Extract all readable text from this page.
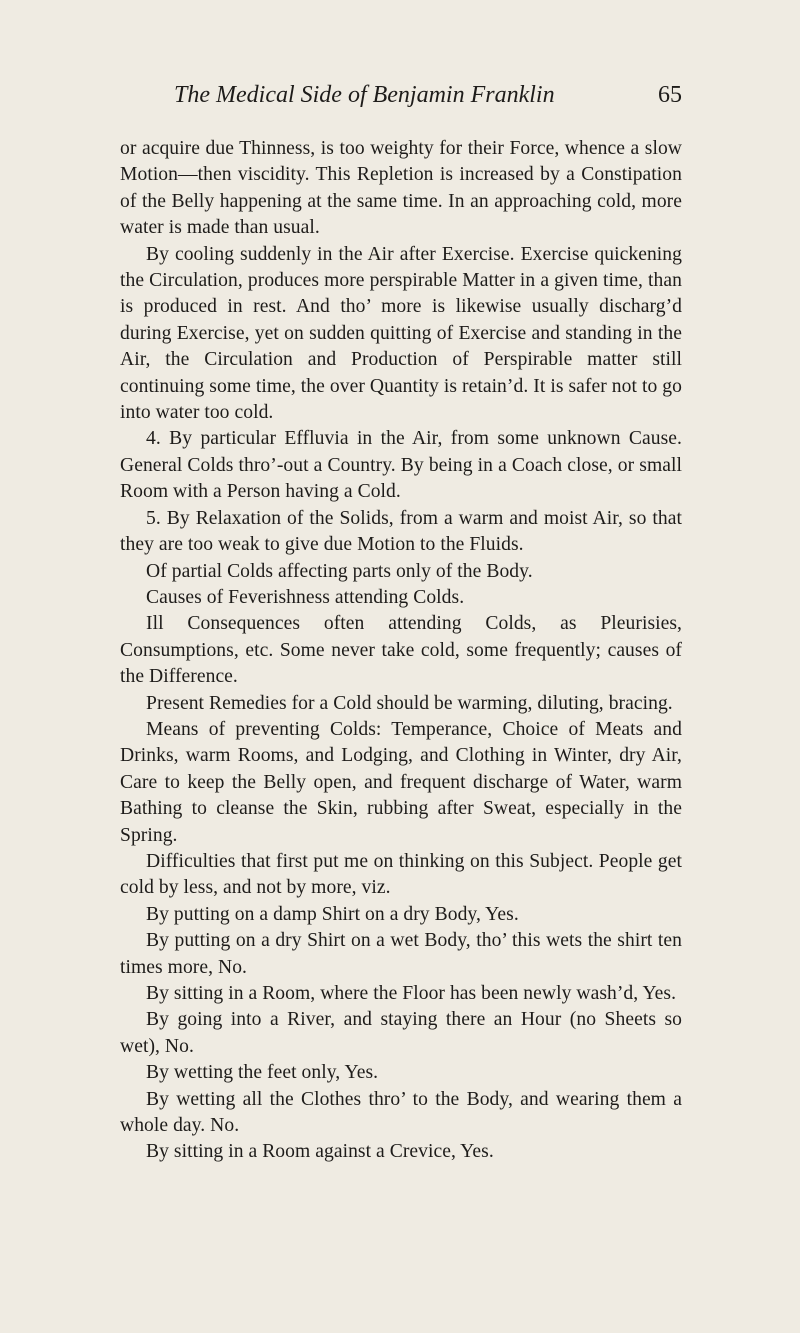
The Medical Side of Benjamin Franklin	65

or acquire due Thinness, is too weighty for their Force, whence a slow Motion—then viscidity. This Repletion is increased by a Constipation of the Belly happening at the same time. In an approaching cold, more water is made than usual.

By cooling suddenly in the Air after Exercise. Exercise quickening the Circulation, produces more perspirable Matter in a given time, than is produced in rest. And tho’ more is likewise usually discharg’d during Exercise, yet on sudden quitting of Exercise and standing in the Air, the Circulation and Production of Perspirable matter still continuing some time, the over Quantity is retain’d. It is safer not to go into water too cold.

4. By particular Effluvia in the Air, from some unknown Cause. General Colds thro’-out a Country. By being in a Coach close, or small Room with a Person having a Cold.

5. By Relaxation of the Solids, from a warm and moist Air, so that they are too weak to give due Motion to the Fluids.

Of partial Colds affecting parts only of the Body.

Causes of Feverishness attending Colds.

Ill Consequences often attending Colds, as Pleurisies, Consumptions, etc. Some never take cold, some frequently; causes of the Difference.

Present Remedies for a Cold should be warming, diluting, bracing.

Means of preventing Colds: Temperance, Choice of Meats and Drinks, warm Rooms, and Lodging, and Clothing in Winter, dry Air, Care to keep the Belly open, and frequent discharge of Water, warm Bathing to cleanse the Skin, rubbing after Sweat, especially in the Spring.

Difficulties that first put me on thinking on this Subject. People get cold by less, and not by more, viz.

By putting on a damp Shirt on a dry Body, Yes.

By putting on a dry Shirt on a wet Body, tho’ this wets the shirt ten times more, No.

By sitting in a Room, where the Floor has been newly wash’d, Yes.

By going into a River, and staying there an Hour (no Sheets so wet), No.

By wetting the feet only, Yes.

By wetting all the Clothes thro’ to the Body, and wearing them a whole day. No.

By sitting in a Room against a Crevice, Yes.
